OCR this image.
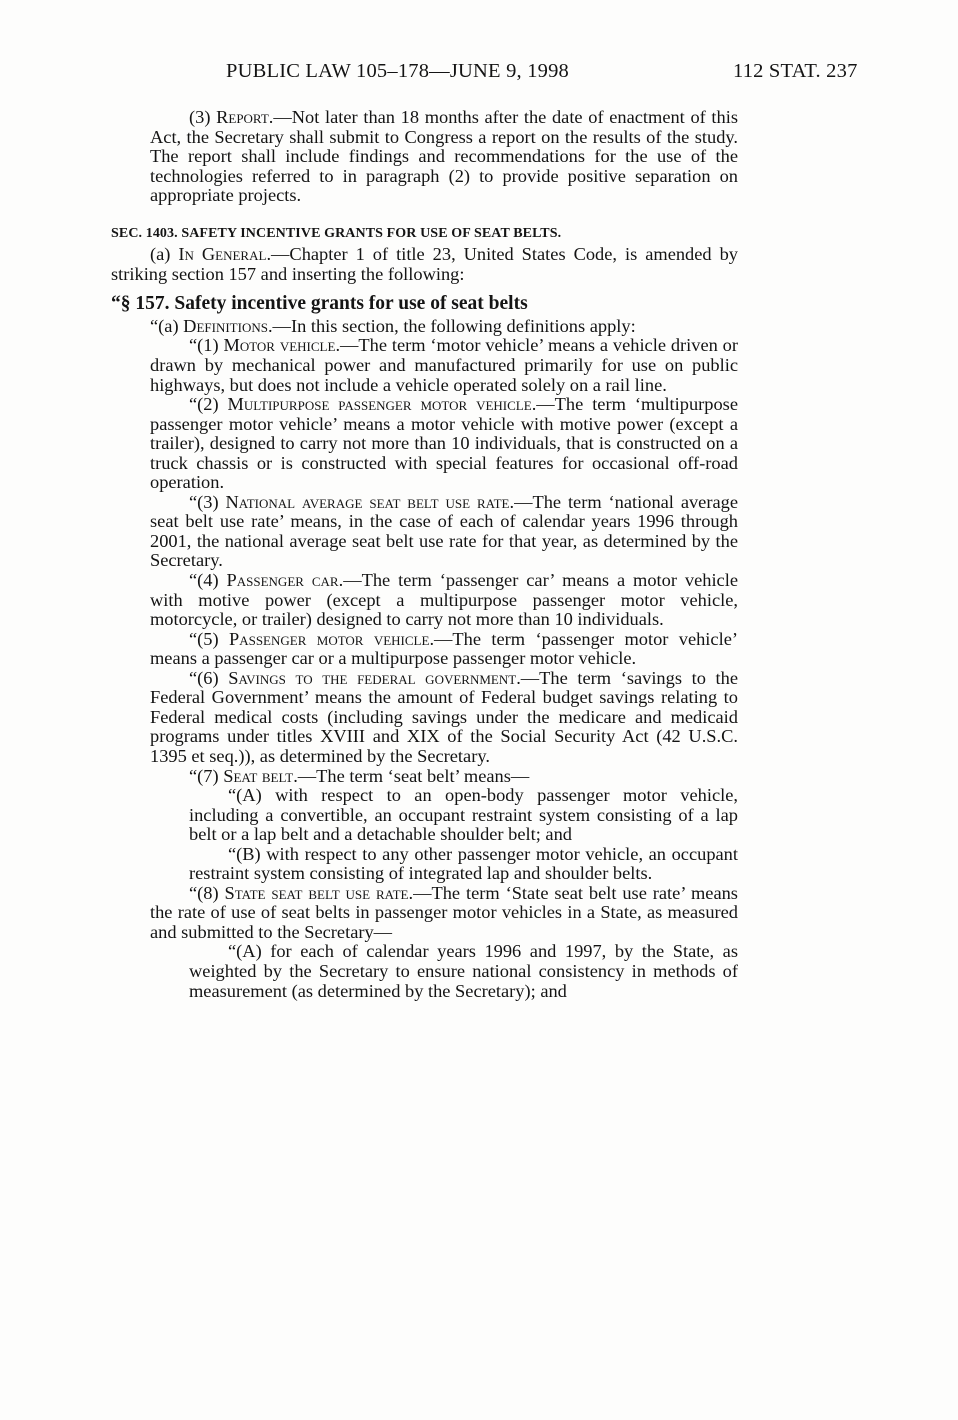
PUBLIC LAW 105–178—JUNE 9, 1998	112 STAT. 237

(3) Report.—Not later than 18 months after the date of enactment of this Act, the Secretary shall submit to Congress a report on the results of the study. The report shall include findings and recommendations for the use of the technologies referred to in paragraph (2) to provide positive separation on appropriate projects.

SEC. 1403. SAFETY INCENTIVE GRANTS FOR USE OF SEAT BELTS.

(a) In General.—Chapter 1 of title 23, United States Code, is amended by striking section 157 and inserting the following:

“§ 157. Safety incentive grants for use of seat belts

“(a) Definitions.—In this section, the following definitions apply:

“(1) Motor vehicle.—The term ‘motor vehicle’ means a vehicle driven or drawn by mechanical power and manufactured primarily for use on public highways, but does not include a vehicle operated solely on a rail line.

“(2) Multipurpose passenger motor vehicle.—The term ‘multipurpose passenger motor vehicle’ means a motor vehicle with motive power (except a trailer), designed to carry not more than 10 individuals, that is constructed on a truck chassis or is constructed with special features for occasional off-road operation.

“(3) National average seat belt use rate.—The term ‘national average seat belt use rate’ means, in the case of each of calendar years 1996 through 2001, the national average seat belt use rate for that year, as determined by the Secretary.

“(4) Passenger car.—The term ‘passenger car’ means a motor vehicle with motive power (except a multipurpose passenger motor vehicle, motorcycle, or trailer) designed to carry not more than 10 individuals.

“(5) Passenger motor vehicle.—The term ‘passenger motor vehicle’ means a passenger car or a multipurpose passenger motor vehicle.

“(6) Savings to the federal government.—The term ‘savings to the Federal Government’ means the amount of Federal budget savings relating to Federal medical costs (including savings under the medicare and medicaid programs under titles XVIII and XIX of the Social Security Act (42 U.S.C. 1395 et seq.)), as determined by the Secretary.

“(7) Seat belt.—The term ‘seat belt’ means—

“(A) with respect to an open-body passenger motor vehicle, including a convertible, an occupant restraint system consisting of a lap belt or a lap belt and a detachable shoulder belt; and

“(B) with respect to any other passenger motor vehicle, an occupant restraint system consisting of integrated lap and shoulder belts.

“(8) State seat belt use rate.—The term ‘State seat belt use rate’ means the rate of use of seat belts in passenger motor vehicles in a State, as measured and submitted to the Secretary—

“(A) for each of calendar years 1996 and 1997, by the State, as weighted by the Secretary to ensure national consistency in methods of measurement (as determined by the Secretary); and
